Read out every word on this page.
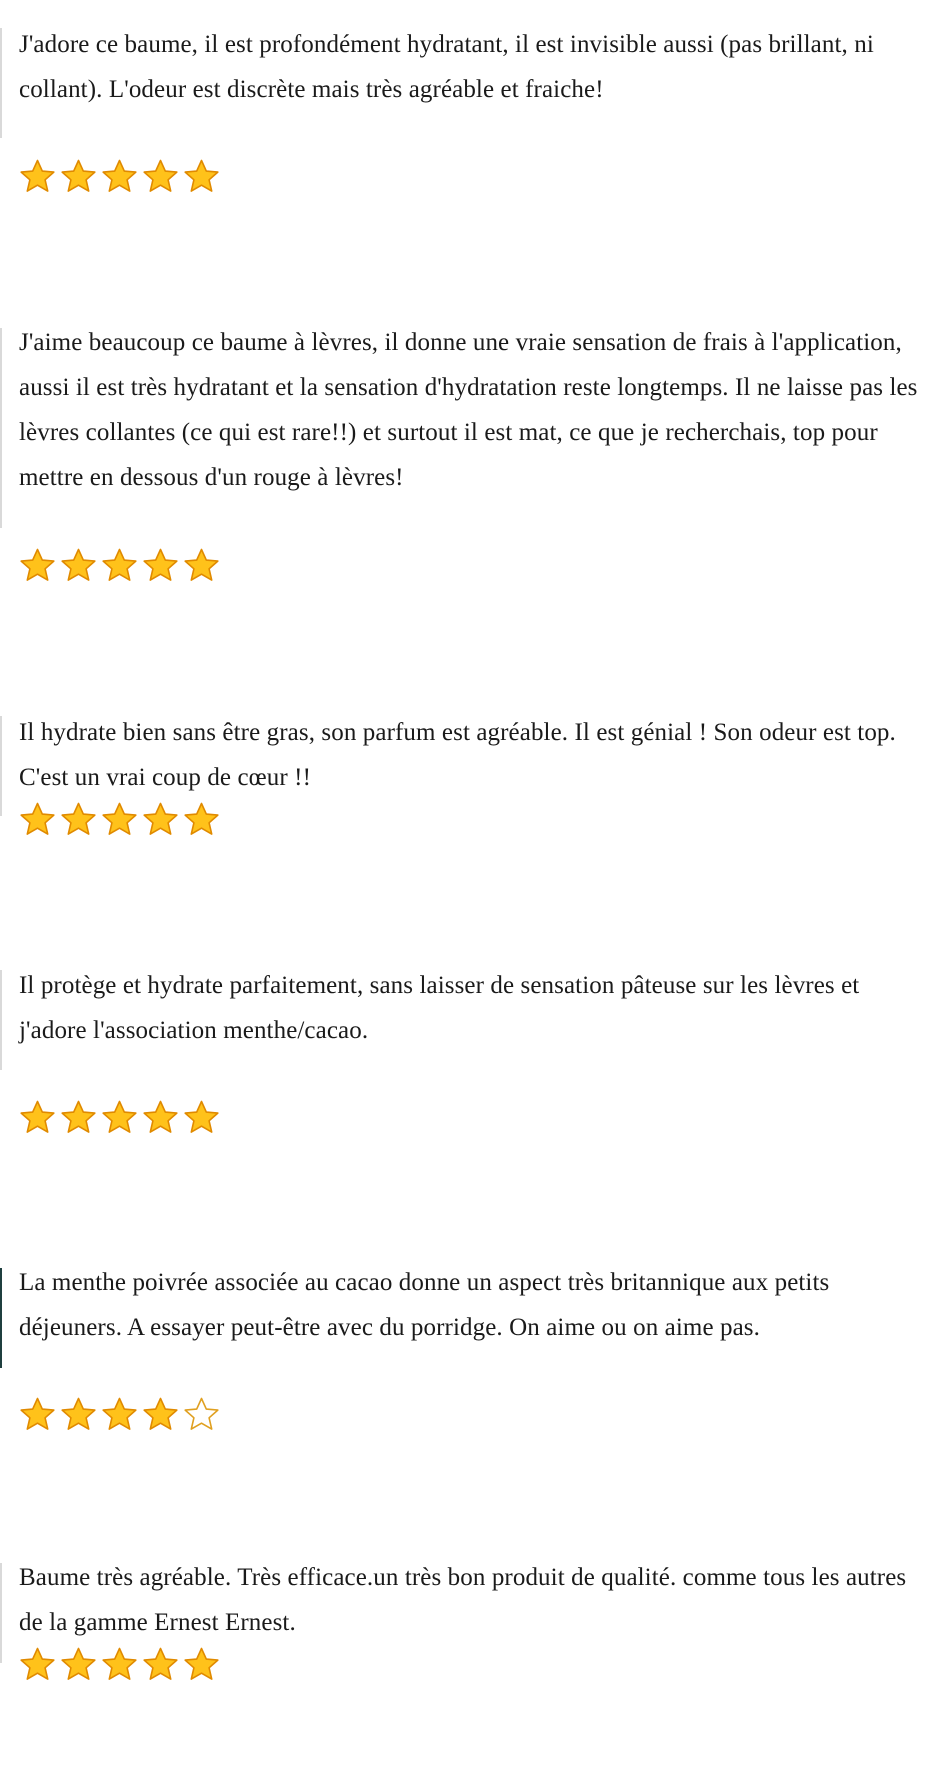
J'adore ce baume, il est profondément hydratant, il est invisible aussi (pas brillant, ni collant). L'odeur est discrète mais très agréable et fraiche!

J'aime beaucoup ce baume à lèvres, il donne une vraie sensation de frais à l'application, aussi il est très hydratant et la sensation d'hydratation reste longtemps. Il ne laisse pas les lèvres collantes (ce qui est rare!!) et surtout il est mat, ce que je recherchais, top pour mettre en dessous d'un rouge à lèvres!

Il hydrate bien sans être gras, son parfum est agréable. Il est génial ! Son odeur est top. C'est un vrai coup de cœur !!

Il protège et hydrate parfaitement, sans laisser de sensation pâteuse sur les lèvres et j'adore l'association menthe/cacao.

La menthe poivrée associée au cacao donne un aspect très britannique aux petits déjeuners. A essayer peut-être avec du porridge. On aime ou on aime pas.

Baume très agréable. Très efficace.un très bon produit de qualité. comme tous les autres de la gamme Ernest Ernest.
